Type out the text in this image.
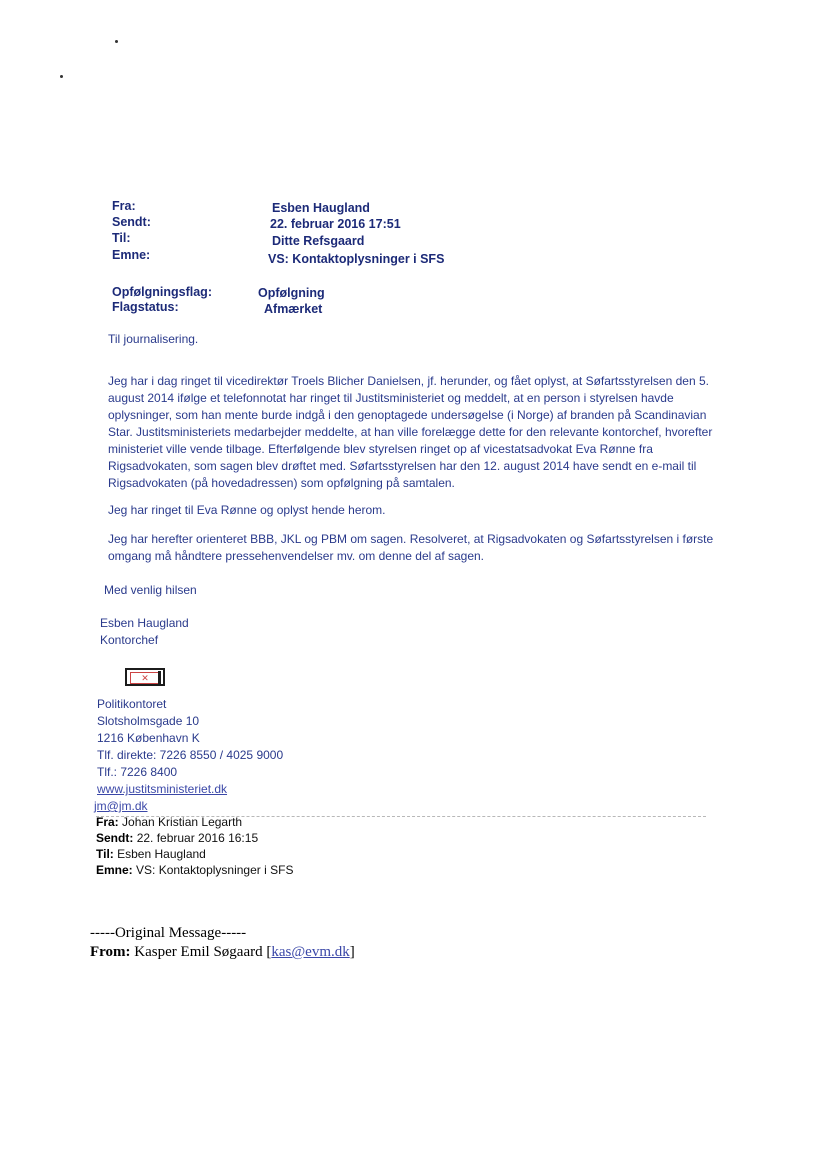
Fra:	Esben Haugland
Sendt:	22. februar 2016 17:51
Til:	Ditte Refsgaard
Emne:	VS: Kontaktoplysninger i SFS
Opfølgningsflag:	Opfølgning
Flagstatus:	Afmærket
Til journalisering.
Jeg har i dag ringet til vicedirektør Troels Blicher Danielsen, jf. herunder, og fået oplyst, at Søfartsstyrelsen den 5. august 2014 ifølge et telefonnotat har ringet til Justitsministeriet og meddelt, at en person i styrelsen havde oplysninger, som han mente burde indgå i den genoptagede undersøgelse (i Norge) af branden på Scandinavian Star. Justitsministeriets medarbejder meddelte, at han ville forelægge dette for den relevante kontorchef, hvorefter ministeriet ville vende tilbage. Efterfølgende blev styrelsen ringet op af vicestatsadvokat Eva Rønne fra Rigsadvokaten, som sagen blev drøftet med. Søfartsstyrelsen har den 12. august 2014 have sendt en e-mail til Rigsadvokaten (på hovedadressen) som opfølgning på samtalen.
Jeg har ringet til Eva Rønne og oplyst hende herom.
Jeg har herefter orienteret BBB, JKL og PBM om sagen. Resolveret, at Rigsadvokaten og Søfartsstyrelsen i første omgang må håndtere pressehenvendelser mv. om denne del af sagen.
Med venlig hilsen
Esben Haugland
Kontorchef
✕
Politikontoret
Slotsholmsgade 10
1216 København K
Tlf. direkte: 7226 8550 / 4025 9000
Tlf.: 7226 8400
www.justitsministeriet.dk
jm@jm.dk
Fra: Johan Kristian Legarth
Sendt: 22. februar 2016 16:15
Til: Esben Haugland
Emne: VS: Kontaktoplysninger i SFS
-----Original Message-----
From: Kasper Emil Søgaard [kas@evm.dk]
